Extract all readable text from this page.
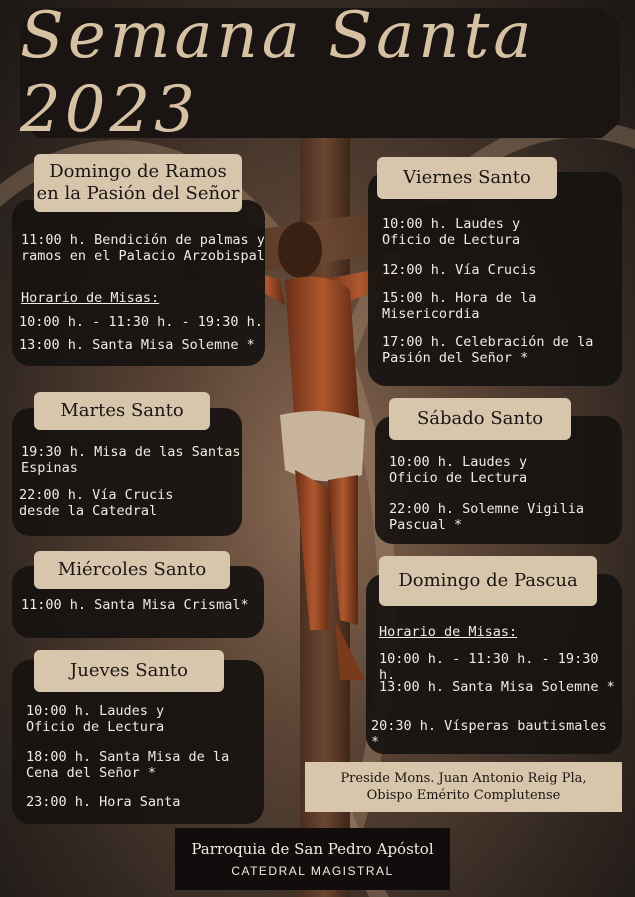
Semana Santa 2023

11:00 h. Bendición de palmas y
ramos en el Palacio Arzobispal

Horario de Misas:

10:00 h. - 11:30 h. - 19:30 h.

13:00 h. Santa Misa Solemne *

Domingo de Ramos
en la Pasión del Señor

19:30 h. Misa de las Santas
Espinas

22:00 h. Vía Crucis
desde la Catedral

Martes Santo

11:00 h. Santa Misa Crismal*

Miércoles Santo

10:00 h. Laudes y
Oficio de Lectura

18:00 h. Santa Misa de la
Cena del Señor *

23:00 h. Hora Santa

Jueves Santo

10:00 h. Laudes y
Oficio de Lectura

12:00 h. Vía Crucis

15:00 h. Hora de la
Misericordia

17:00 h. Celebración de la
Pasión del Señor *

Viernes Santo

10:00 h. Laudes y
Oficio de Lectura

22:00 h. Solemne Vigilia
Pascual *

Sábado Santo

Horario de Misas:

10:00 h. - 11:30 h. - 19:30 h.

13:00 h. Santa Misa Solemne *

20:30 h. Vísperas bautismales *

Domingo de Pascua
Preside Mons. Juan Antonio Reig Pla,
Obispo Emérito Complutense
Parroquia de San Pedro Apóstol
CATEDRAL MAGISTRAL
